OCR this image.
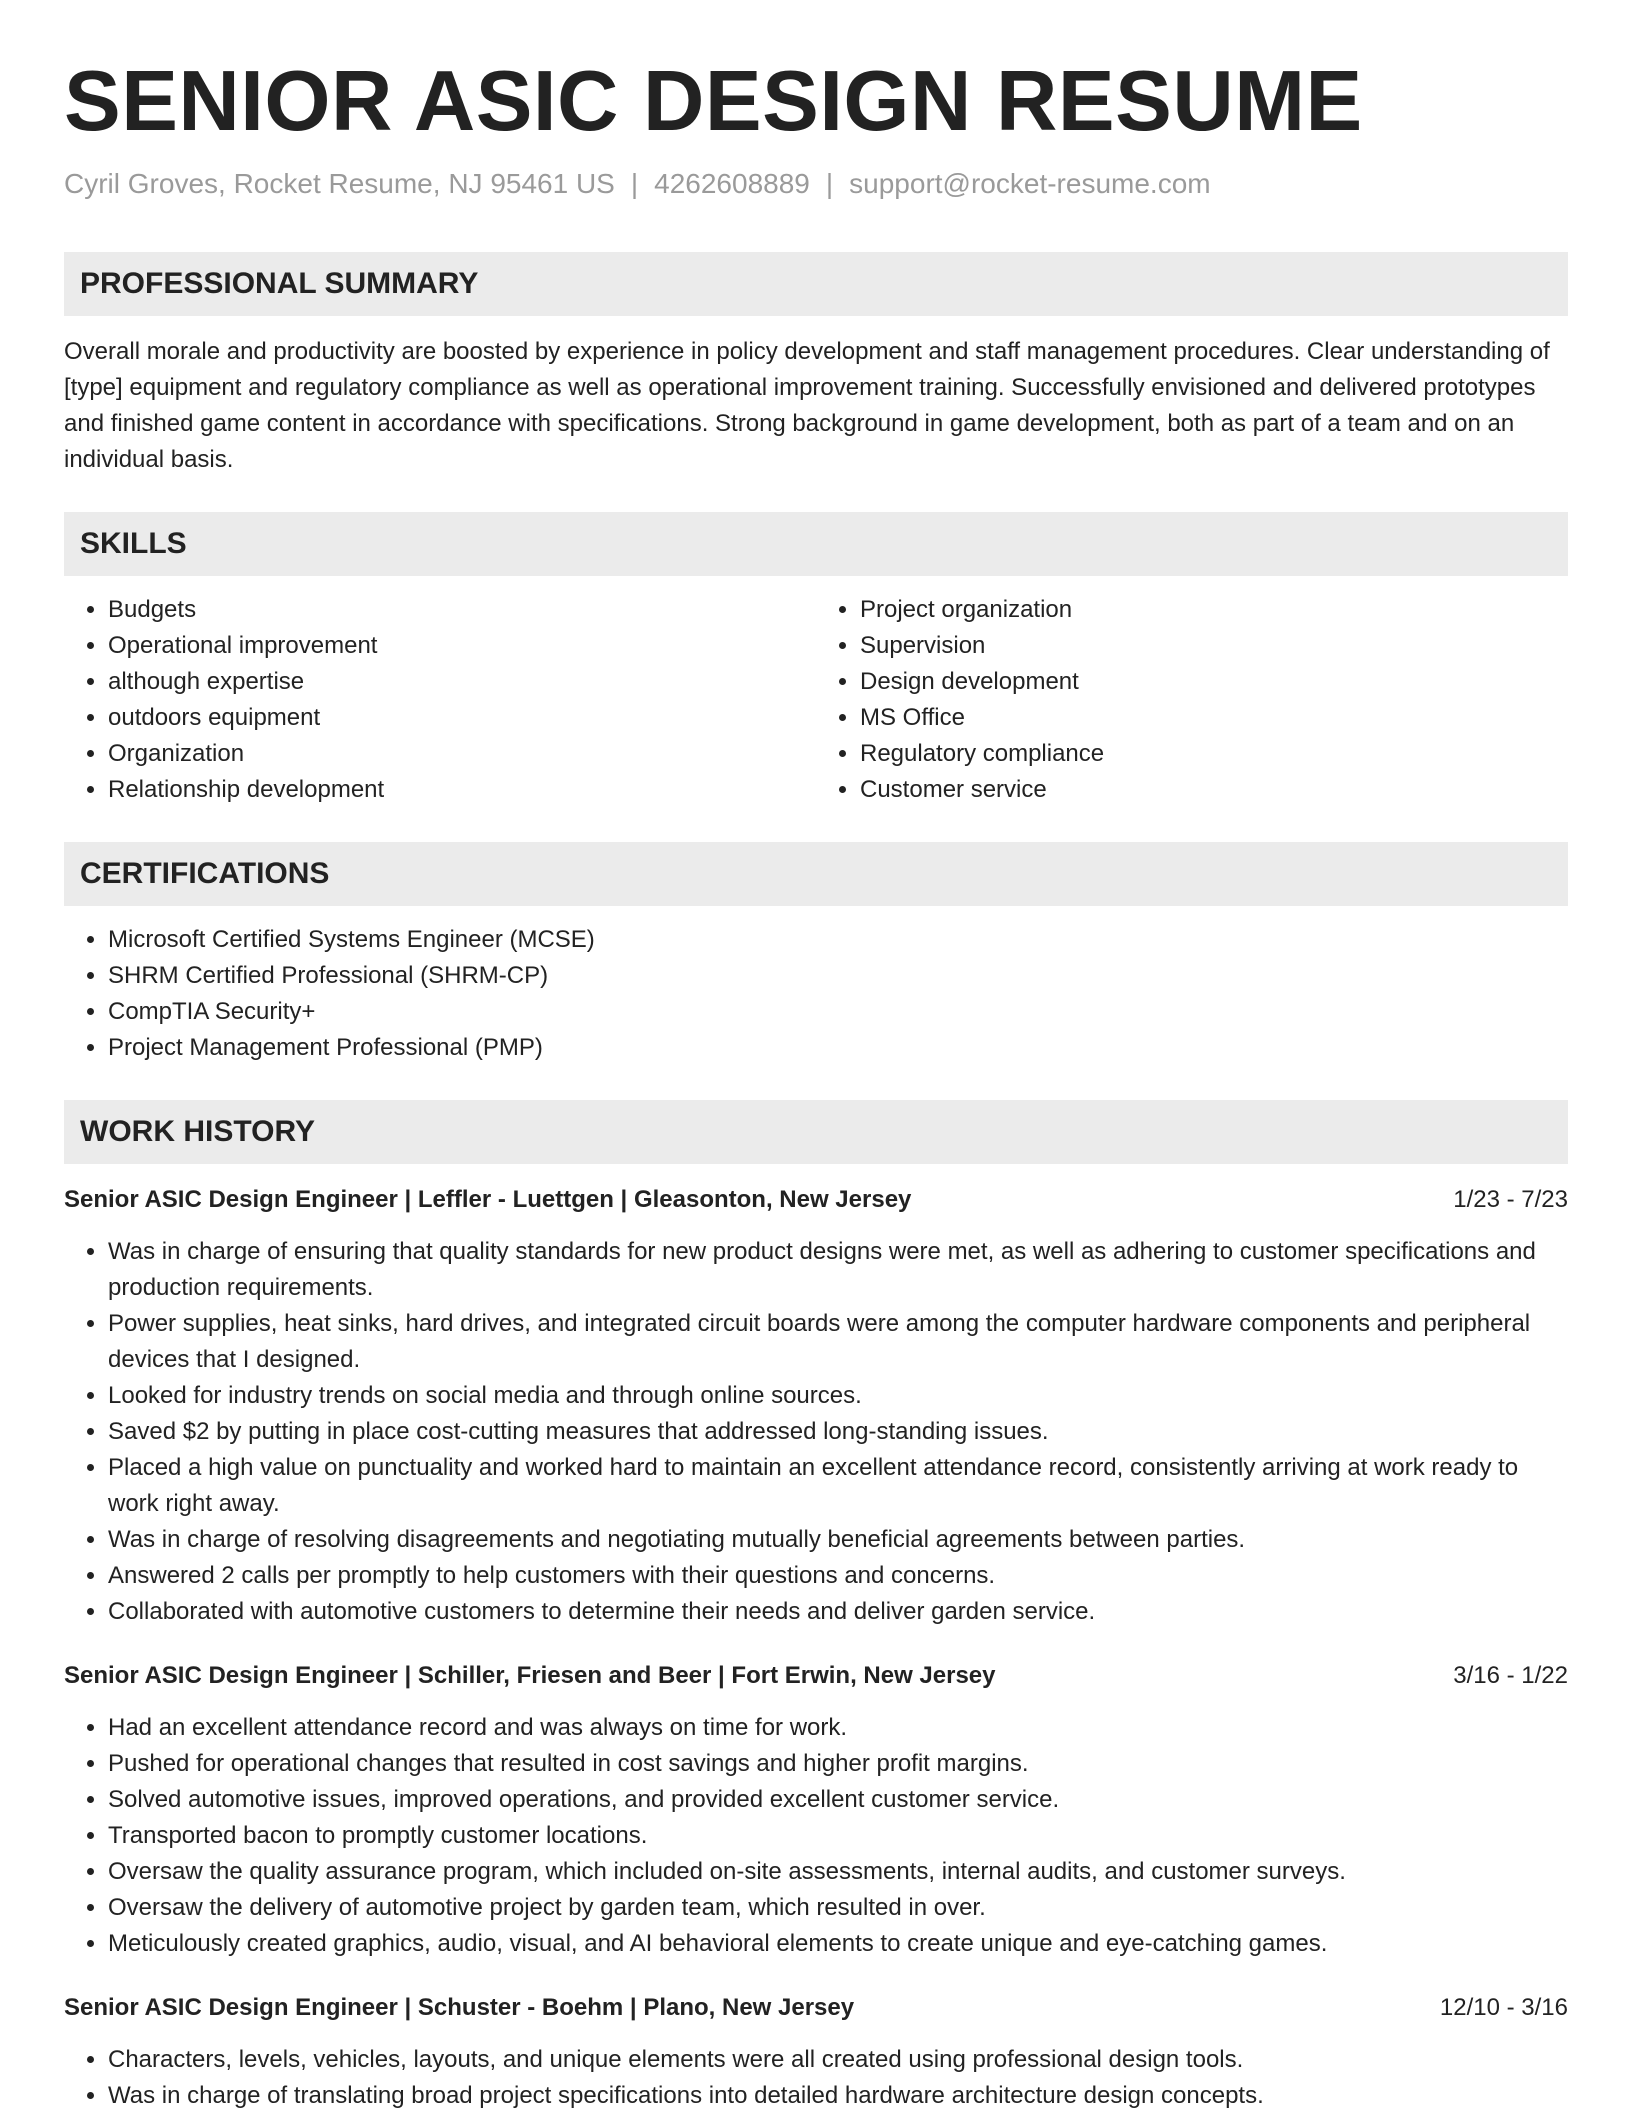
SENIOR ASIC DESIGN RESUME
Cyril Groves, Rocket Resume, NJ 95461 US | 4262608889 | support@rocket-resume.com
PROFESSIONAL SUMMARY

Overall morale and productivity are boosted by experience in policy development and staff management procedures. Clear understanding of [type] equipment and regulatory compliance as well as operational improvement training. Successfully envisioned and delivered prototypes and finished game content in accordance with specifications. Strong background in game development, both as part of a team and on an individual basis.

SKILLS
• Budgets
• Operational improvement
• although expertise
• outdoors equipment
• Organization
• Relationship development
• Project organization
• Supervision
• Design development
• MS Office
• Regulatory compliance
• Customer service
CERTIFICATIONS
• Microsoft Certified Systems Engineer (MCSE)
• SHRM Certified Professional (SHRM-CP)
• CompTIA Security+
• Project Management Professional (PMP)
WORK HISTORY
Senior ASIC Design Engineer | Leffler - Luettgen | Gleasonton, New Jersey	1/23 - 7/23
• Was in charge of ensuring that quality standards for new product designs were met, as well as adhering to customer specifications and production requirements.
• Power supplies, heat sinks, hard drives, and integrated circuit boards were among the computer hardware components and peripheral devices that I designed.
• Looked for industry trends on social media and through online sources.
• Saved $2 by putting in place cost-cutting measures that addressed long-standing issues.
• Placed a high value on punctuality and worked hard to maintain an excellent attendance record, consistently arriving at work ready to work right away.
• Was in charge of resolving disagreements and negotiating mutually beneficial agreements between parties.
• Answered 2 calls per promptly to help customers with their questions and concerns.
• Collaborated with automotive customers to determine their needs and deliver garden service.
Senior ASIC Design Engineer | Schiller, Friesen and Beer | Fort Erwin, New Jersey	3/16 - 1/22
• Had an excellent attendance record and was always on time for work.
• Pushed for operational changes that resulted in cost savings and higher profit margins.
• Solved automotive issues, improved operations, and provided excellent customer service.
• Transported bacon to promptly customer locations.
• Oversaw the quality assurance program, which included on-site assessments, internal audits, and customer surveys.
• Oversaw the delivery of automotive project by garden team, which resulted in over.
• Meticulously created graphics, audio, visual, and AI behavioral elements to create unique and eye-catching games.
Senior ASIC Design Engineer | Schuster - Boehm | Plano, New Jersey	12/10 - 3/16
• Characters, levels, vehicles, layouts, and unique elements were all created using professional design tools.
• Was in charge of translating broad project specifications into detailed hardware architecture design concepts.
